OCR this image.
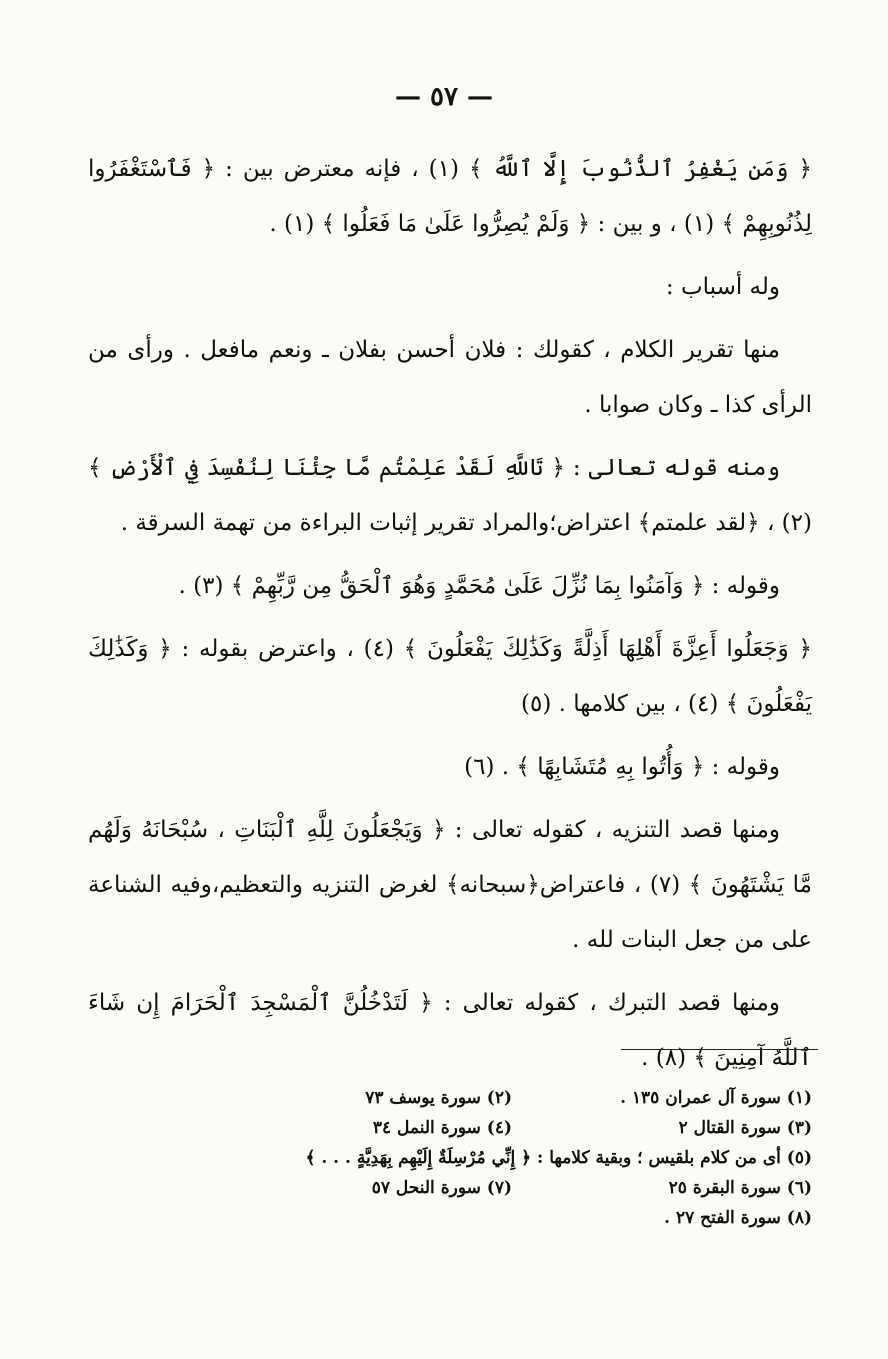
— ٥٧ —

﴿ وَمَن يَغْفِرُ ٱلذُّنُوبَ إِلَّا ٱللَّهُ ﴾ (١) ، فإنه معترض بين : ﴿ فَٱسْتَغْفَرُوا لِذُنُوبِهِمْ ﴾ (١) ، و بين : ﴿ وَلَمْ يُصِرُّوا عَلَىٰ مَا فَعَلُوا ﴾ (١) .

وله أسباب :

منها تقرير الكلام ، كقولك : فلان أحسن بفلان ـ ونعم مافعل . ورأى من الرأى كذا ـ وكان صوابا .

ومنه قوله تعالى : ﴿ تَاللَّهِ لَقَدْ عَلِمْتُم مَّا جِئْنَا لِنُفْسِدَ فِي ٱلْأَرْضِ ﴾ (٢) ، ﴿لقد علمتم﴾ اعتراض؛والمراد تقرير إثبات البراءة من تهمة السرقة .

وقوله : ﴿ وَآمَنُوا بِمَا نُزِّلَ عَلَىٰ مُحَمَّدٍ وَهُوَ ٱلْحَقُّ مِن رَّبِّهِمْ ﴾ (٣) .

﴿ وَجَعَلُوا أَعِزَّةَ أَهْلِهَا أَذِلَّةً وَكَذَٰلِكَ يَفْعَلُونَ ﴾ (٤) ، واعترض بقوله : ﴿ وَكَذَٰلِكَ يَفْعَلُونَ ﴾ (٤) ، بين كلامها . (٥)

وقوله : ﴿ وَأُتُوا بِهِ مُتَشَابِهًا ﴾ . (٦)

ومنها قصد التنزيه ، كقوله تعالى : ﴿ وَيَجْعَلُونَ لِلَّهِ ٱلْبَنَاتِ ، سُبْحَانَهُ وَلَهُم مَّا يَشْتَهُونَ ﴾ (٧) ، فاعتراض﴿سبحانه﴾ لغرض التنزيه والتعظيم،وفيه الشناعة على من جعل البنات لله .

ومنها قصد التبرك ، كقوله تعالى : ﴿ لَتَدْخُلُنَّ ٱلْمَسْجِدَ ٱلْحَرَامَ إِن شَاءَ ٱللَّهُ آمِنِينَ ﴾ (٨) .

(١) سورة آل عمران ١٣٥ .
(٢) سورة يوسف ٧٣
(٣) سورة القتال ٢
(٤) سورة النمل ٣٤
(٥) أى من كلام بلقيس ؛ وبقية كلامها : ﴿ إِنِّي مُرْسِلَةٌ إِلَيْهِم بِهَدِيَّةٍ . . . ﴾
(٦) سورة البقرة ٢٥
(٧) سورة النحل ٥٧
(٨) سورة الفتح ٢٧ .
